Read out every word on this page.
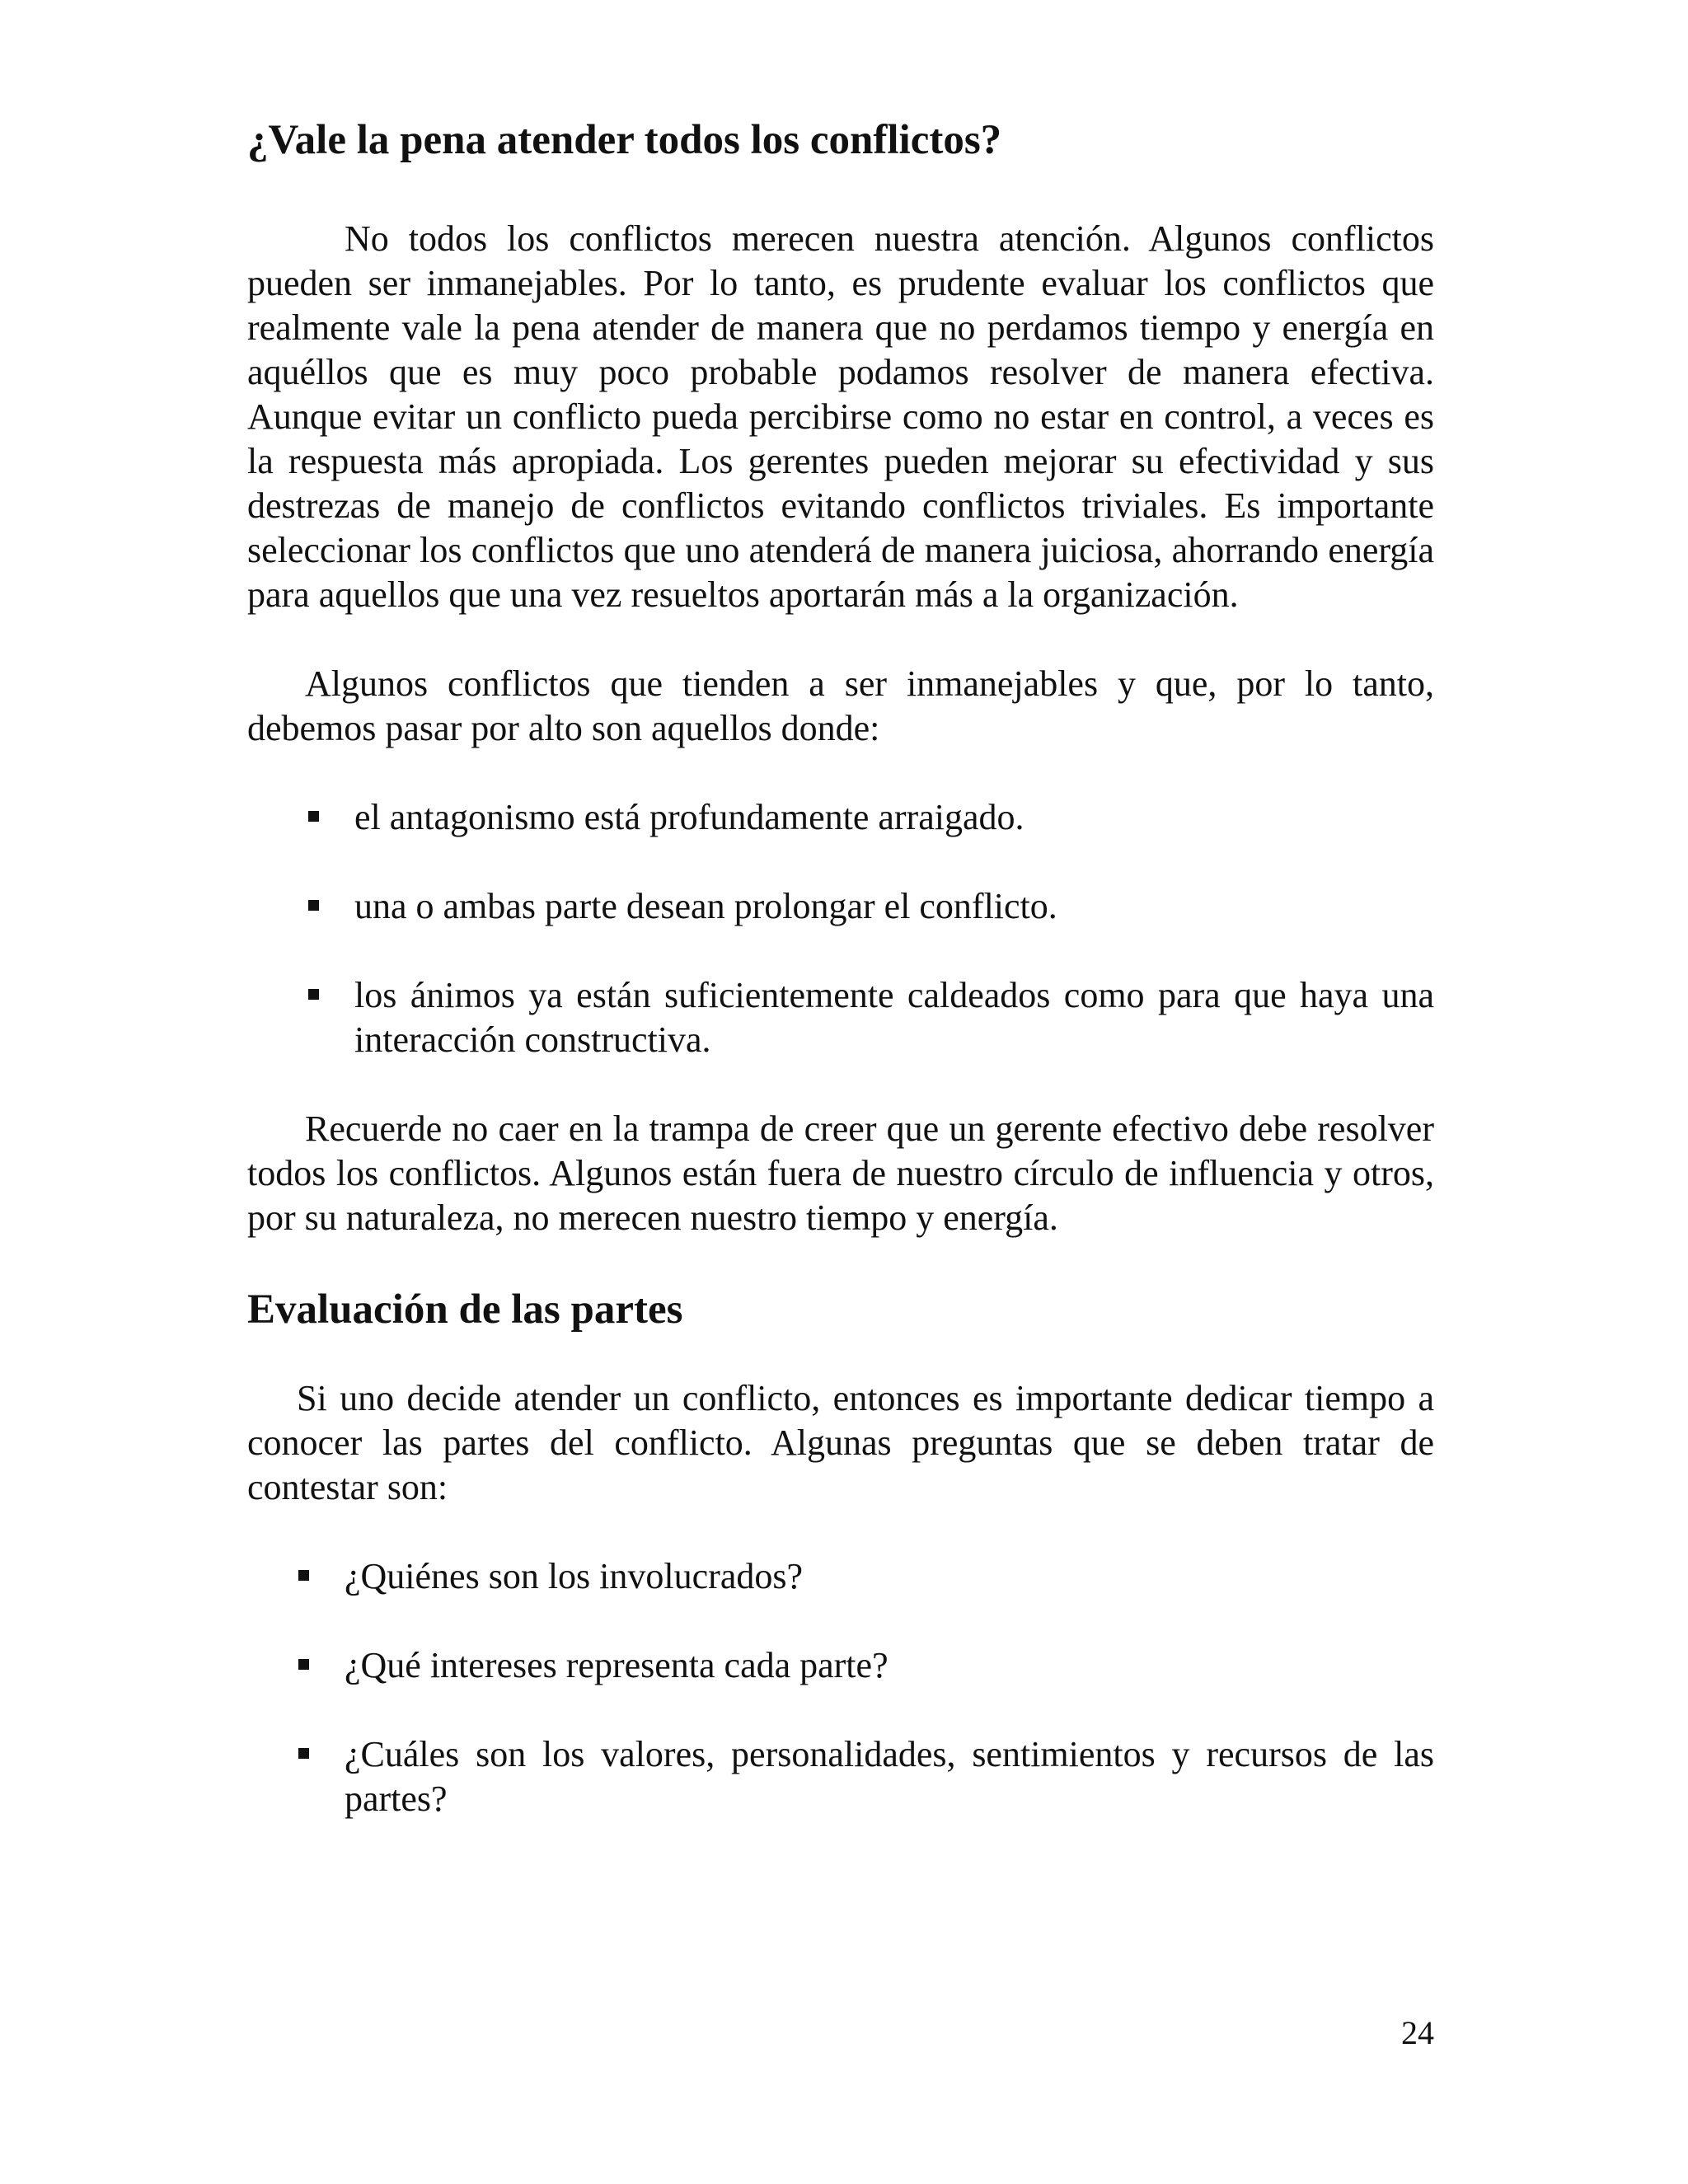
¿Vale la pena atender todos los conflictos?

No todos los conflictos merecen nuestra atención. Algunos conflictos pueden ser inmanejables. Por lo tanto, es prudente evaluar los conflictos que realmente vale la pena atender de manera que no perdamos tiempo y energía en aquéllos que es muy poco probable podamos resolver de manera efectiva. Aunque evitar un conflicto pueda percibirse como no estar en control, a veces es la respuesta más apropiada. Los gerentes pueden mejorar su efectividad y sus destrezas de manejo de conflictos evitando conflictos triviales. Es importante seleccionar los conflictos que uno atenderá de manera juiciosa, ahorrando energía para aquellos que una vez resueltos aportarán más a la organización.

Algunos conflictos que tienden a ser inmanejables y que, por lo tanto, debemos pasar por alto son aquellos donde:

el antagonismo está profundamente arraigado.
una o ambas parte desean prolongar el conflicto.
los ánimos ya están suficientemente caldeados como para que haya una interacción constructiva.

Recuerde no caer en la trampa de creer que un gerente efectivo debe resolver todos los conflictos. Algunos están fuera de nuestro círculo de influencia y otros, por su naturaleza, no merecen nuestro tiempo y energía.

Evaluación de las partes

Si uno decide atender un conflicto, entonces es importante dedicar tiempo a conocer las partes del conflicto. Algunas preguntas que se deben tratar de contestar son:

¿Quiénes son los involucrados?
¿Qué intereses representa cada parte?
¿Cuáles son los valores, personalidades, sentimientos y recursos de las partes?
24
